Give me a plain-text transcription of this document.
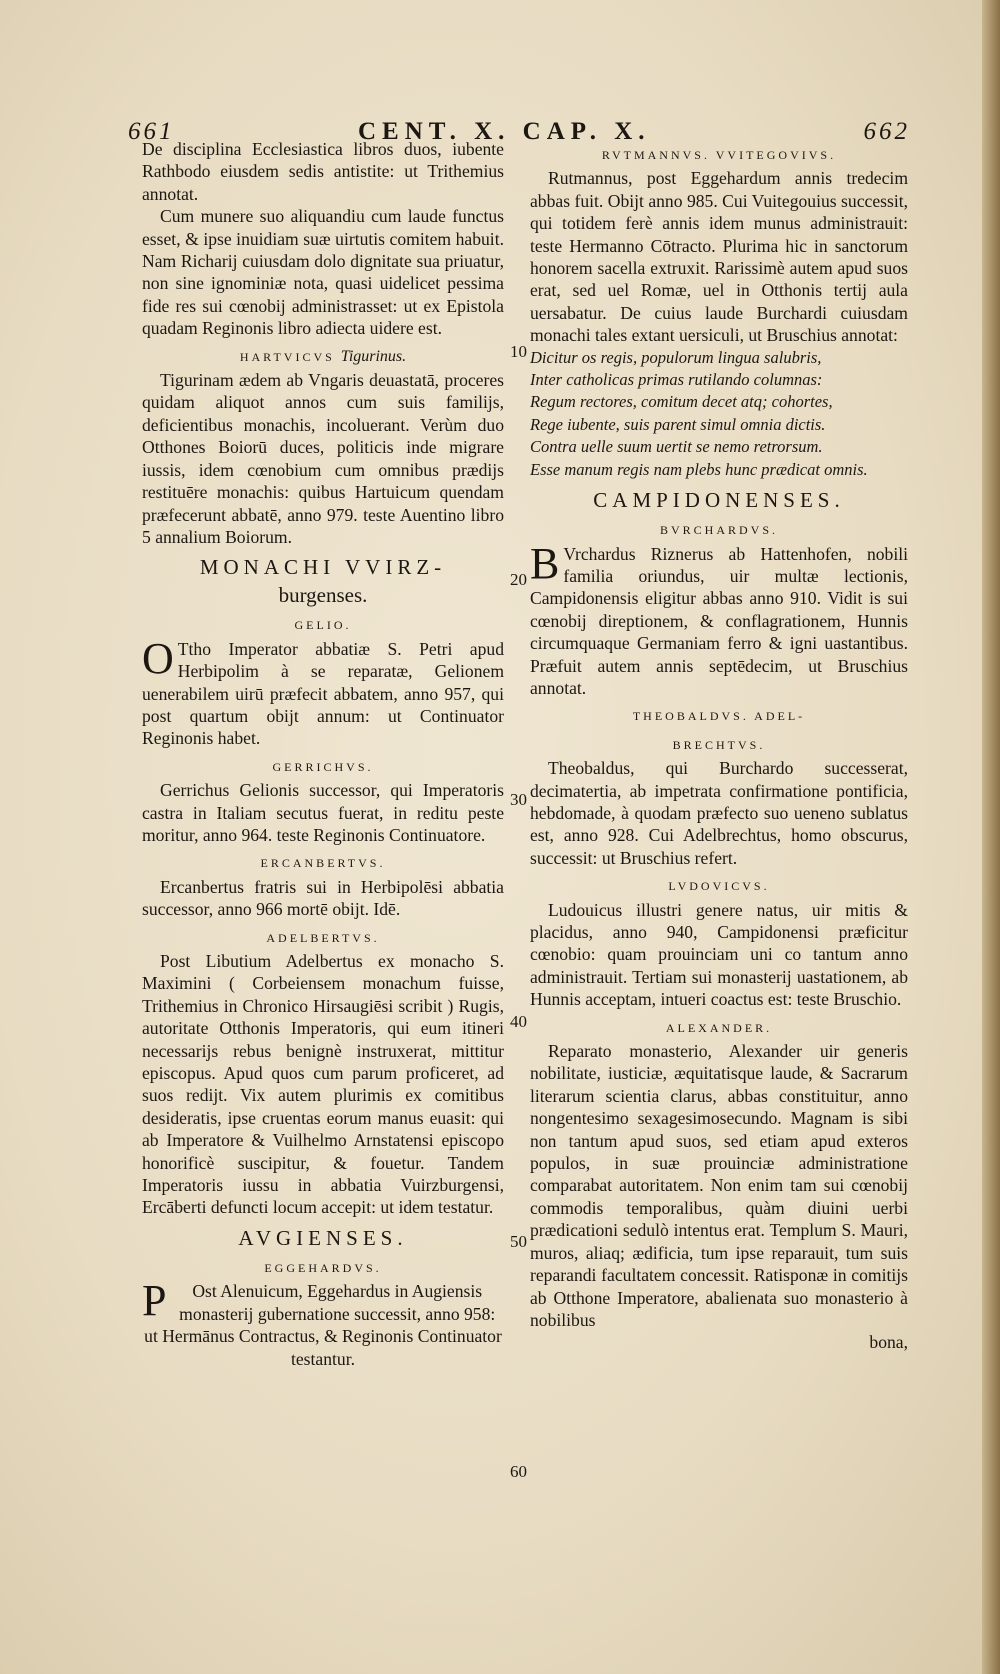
661	CENT. X. CAP. X.	662
10
20
30
40
50
60

De disciplina Ecclesiastica libros duos, iubente Rathbodo eiusdem sedis antistite: ut Trithemius annotat.

Cum munere suo aliquandiu cum laude functus esset, & ipse inuidiam suæ uirtutis comitem habuit. Nam Richarij cuiusdam dolo dignitate sua priuatur, non sine ignominiæ nota, quasi uidelicet pessima fide res sui cœnobij administrasset: ut ex Epistola quadam Reginonis libro adiecta uidere est.

HARTVICVS Tigurinus.

Tigurinam ædem ab Vngaris deuastatā, proceres quidam aliquot annos cum suis familijs, deficientibus monachis, incoluerant. Verùm duo Otthones Boiorū duces, politicis inde migrare iussis, idem cœnobium cum omnibus prædijs restituēre monachis: quibus Hartuicum quendam præfecerunt abbatē, anno 979. teste Auentino libro 5 annalium Boiorum.

MONACHI VVIRZ-
burgenses.
GELIO.

O Ttho Imperator abbatiæ S. Petri apud Herbipolim à se reparatæ, Gelionem uenerabilem uirū præfecit abbatem, anno 957, qui post quartum obijt annum: ut Continuator Reginonis habet.

GERRICHVS.

Gerrichus Gelionis successor, qui Imperatoris castra in Italiam secutus fuerat, in reditu peste moritur, anno 964. teste Reginonis Continuatore.

ERCANBERTVS.

Ercanbertus fratris sui in Herbipolēsi abbatia successor, anno 966 mortē obijt. Idē.

ADELBERTVS.

Post Libutium Adelbertus ex monacho S. Maximini ( Corbeiensem monachum fuisse, Trithemius in Chronico Hirsaugiēsi scribit ) Rugis, autoritate Otthonis Imperatoris, qui eum itineri necessarijs rebus benignè instruxerat, mittitur episcopus. Apud quos cum parum proficeret, ad suos redijt. Vix autem plurimis ex comitibus desideratis, ipse cruentas eorum manus euasit: qui ab Imperatore & Vuilhelmo Arnstatensi episcopo honorificè suscipitur, & fouetur. Tandem Imperatoris iussu in abbatia Vuirzburgensi, Ercāberti defuncti locum accepit: ut idem testatur.

AVGIENSES.
EGGEHARDVS.

P Ost Alenuicum, Eggehardus in Augiensis monasterij gubernatione successit, anno 958: ut Hermānus Contractus, & Reginonis Continuator testantur.

RVTMANNVS. VVITEGOVIVS.

Rutmannus, post Eggehardum annis tredecim abbas fuit. Obijt anno 985. Cui Vuitegouius successit, qui totidem ferè annis idem munus administrauit: teste Hermanno Cōtracto. Plurima hic in sanctorum honorem sacella extruxit. Rarissimè autem apud suos erat, sed uel Romæ, uel in Otthonis tertij aula uersabatur. De cuius laude Burchardi cuiusdam monachi tales extant uersiculi, ut Bruschius annotat:

Dicitur os regis, populorum lingua salubris,

Inter catholicas primas rutilando columnas:

Regum rectores, comitum decet atq; cohortes,

Rege iubente, suis parent simul omnia dictis.

Contra uelle suum uertit se nemo retrorsum.

Esse manum regis nam plebs hunc prædicat omnis.

CAMPIDONENSES.
BVRCHARDVS.

B Vrchardus Riznerus ab Hattenhofen, nobili familia oriundus, uir multæ lectionis, Campidonensis eligitur abbas anno 910. Vidit is sui cœnobij direptionem, & conflagrationem, Hunnis circumquaque Germaniam ferro & igni uastantibus. Præfuit autem annis septēdecim, ut Bruschius annotat.

THEOBALDVS. ADEL-
BRECHTVS.

Theobaldus, qui Burchardo successerat, decimatertia, ab impetrata confirmatione pontificia, hebdomade, à quodam præfecto suo ueneno sublatus est, anno 928. Cui Adelbrechtus, homo obscurus, successit: ut Bruschius refert.

LVDOVICVS.

Ludouicus illustri genere natus, uir mitis & placidus, anno 940, Campidonensi præficitur cœnobio: quam prouinciam uni co tantum anno administrauit. Tertiam sui monasterij uastationem, ab Hunnis acceptam, intueri coactus est: teste Bruschio.

ALEXANDER.

Reparato monasterio, Alexander uir generis nobilitate, iusticiæ, æquitatisque laude, & Sacrarum literarum scientia clarus, abbas constituitur, anno nongentesimo sexagesimosecundo. Magnam is sibi non tantum apud suos, sed etiam apud exteros populos, in suæ prouinciæ administratione comparabat autoritatem. Non enim tam sui cœnobij commodis temporalibus, quàm diuini uerbi prædicationi sedulò intentus erat. Templum S. Mauri, muros, aliaq; ædificia, tum ipse reparauit, tum suis reparandi facultatem concessit. Ratisponæ in comitijs ab Otthone Imperatore, abalienata suo monasterio à nobilibus

bona,
